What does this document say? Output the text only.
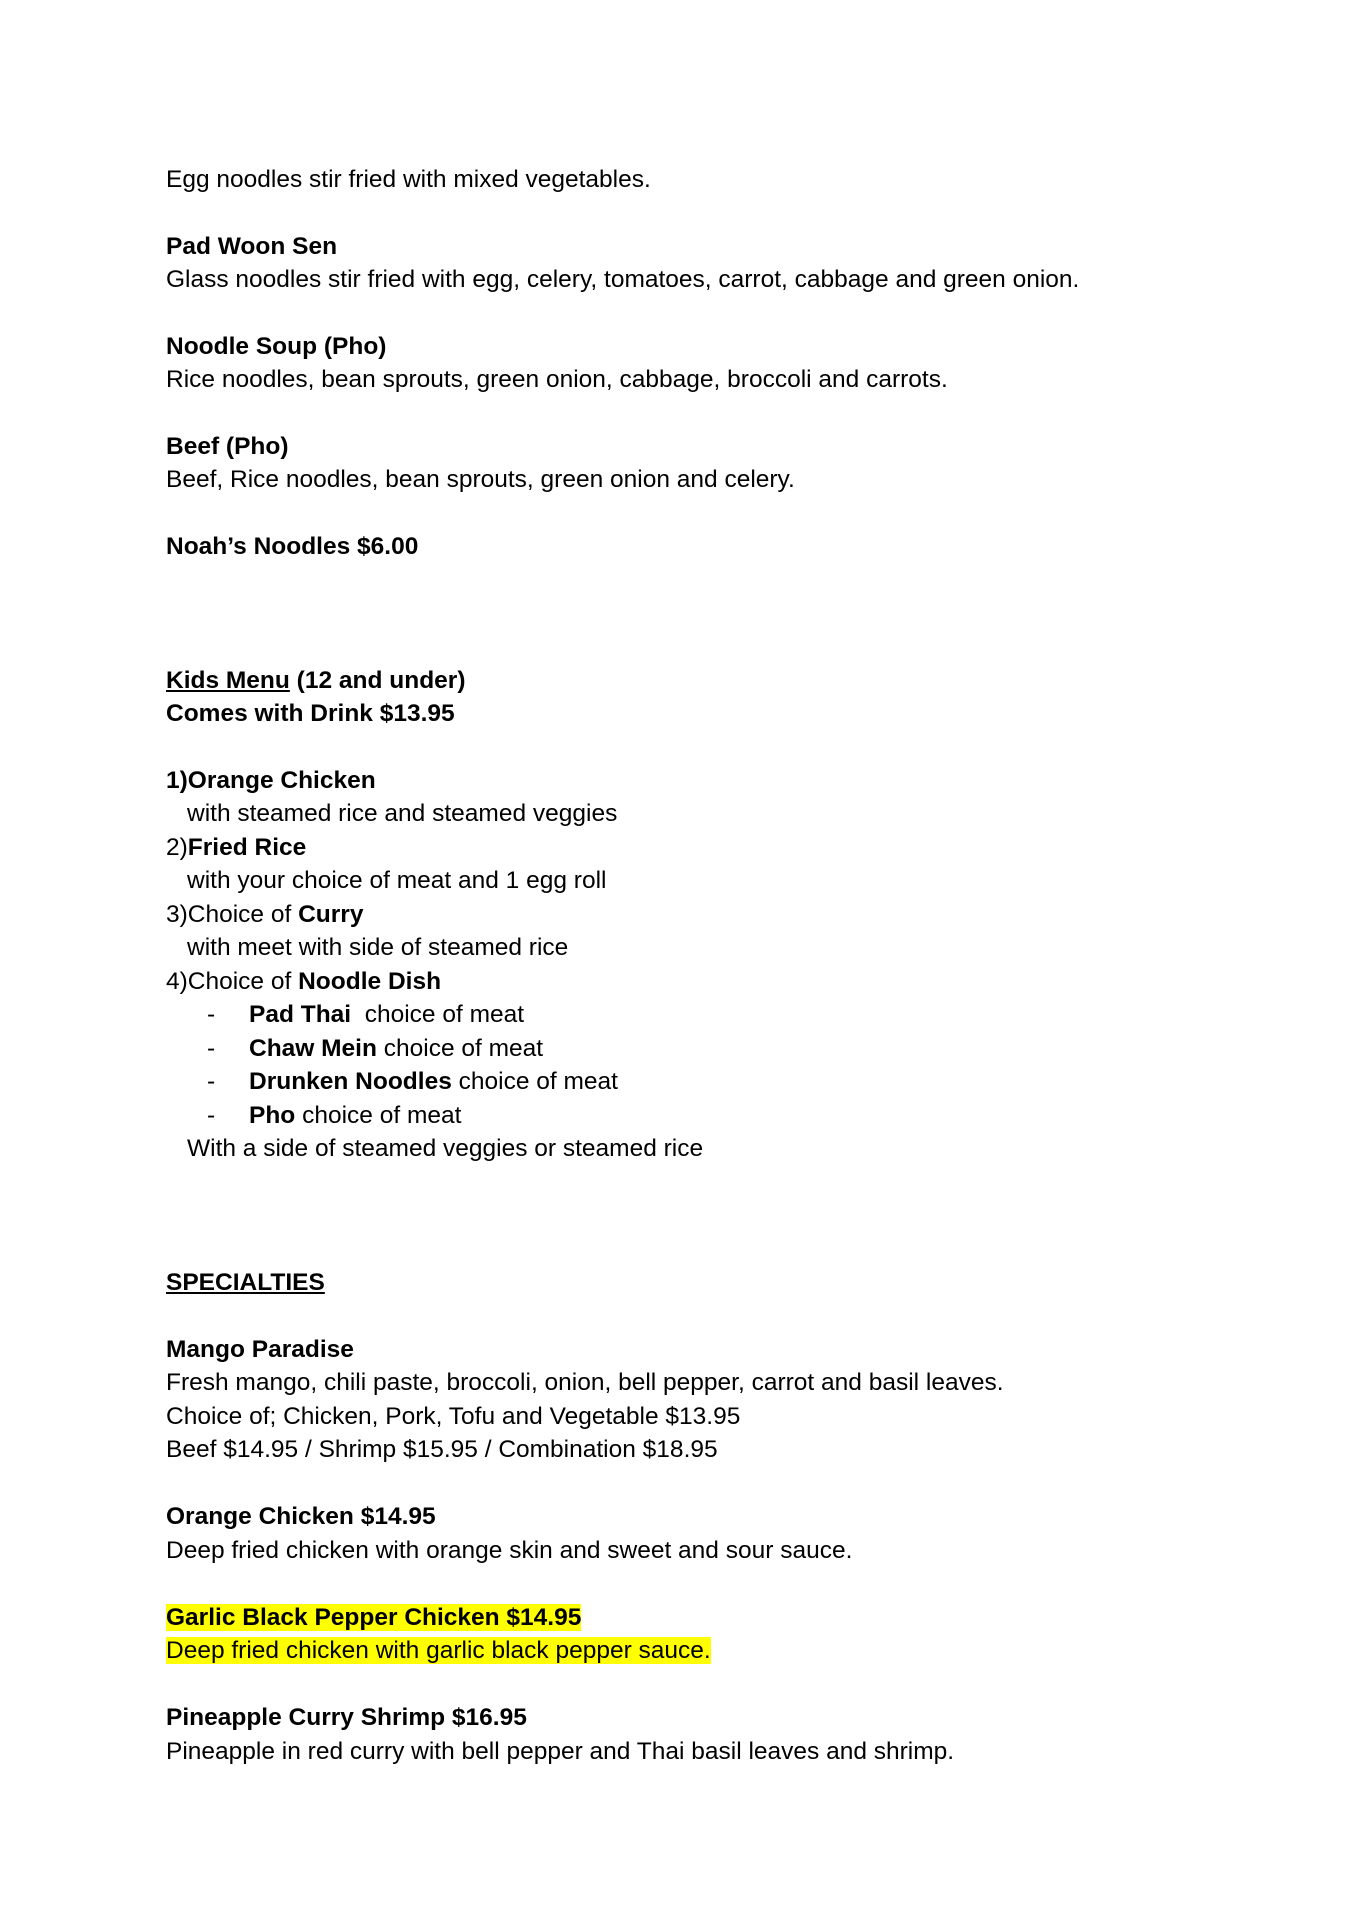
Egg noodles stir fried with mixed vegetables.
Pad Woon Sen
Glass noodles stir fried with egg, celery, tomatoes, carrot, cabbage and green onion.
Noodle Soup (Pho)
Rice noodles, bean sprouts, green onion, cabbage, broccoli and carrots.
Beef (Pho)
Beef, Rice noodles, bean sprouts, green onion and celery.
Noah’s Noodles $6.00
Kids Menu (12 and under)
Comes with Drink $13.95
1)Orange Chicken
with steamed rice and steamed veggies
2)Fried Rice
with your choice of meat and 1 egg roll
3)Choice of Curry
with meet with side of steamed rice
4)Choice of Noodle Dish
- Pad Thai  choice of meat
- Chaw Mein choice of meat
- Drunken Noodles choice of meat
- Pho choice of meat
With a side of steamed veggies or steamed rice
SPECIALTIES
Mango Paradise
Fresh mango, chili paste, broccoli, onion, bell pepper, carrot and basil leaves.
Choice of; Chicken, Pork, Tofu and Vegetable $13.95
Beef $14.95 / Shrimp $15.95 / Combination $18.95
Orange Chicken $14.95
Deep fried chicken with orange skin and sweet and sour sauce.
Garlic Black Pepper Chicken $14.95
Deep fried chicken with garlic black pepper sauce.
Pineapple Curry Shrimp $16.95
Pineapple in red curry with bell pepper and Thai basil leaves and shrimp.
